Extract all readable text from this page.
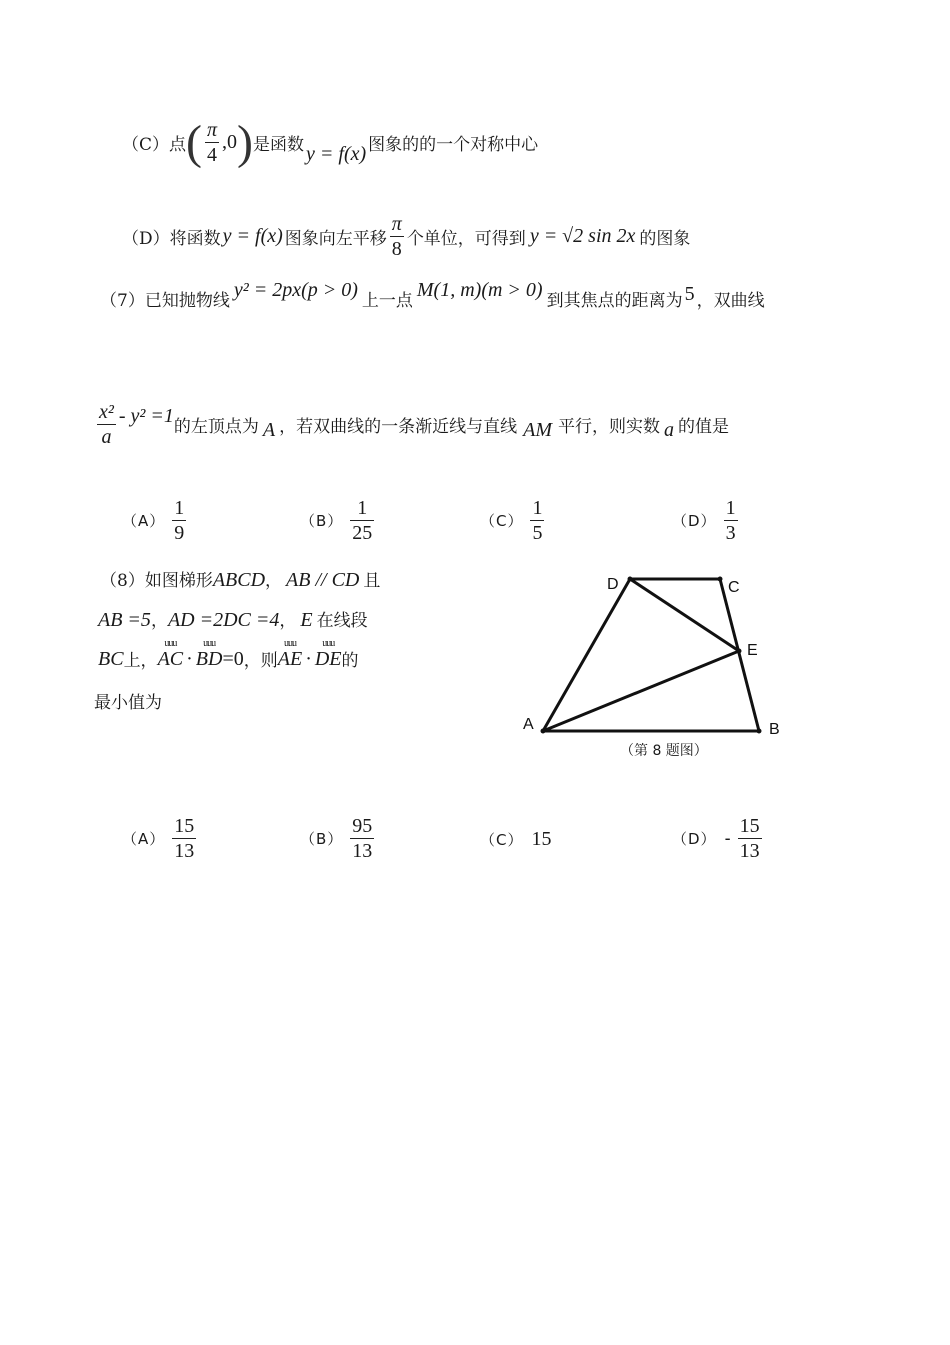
（C）点 ( $\frac{\pi}{4} ,0$ ) 是函数 y = f(x) 图象的的一个对称中心
（D）将函数 y = f(x) 图象向左平移 $\frac{\pi}{8}$ 个单位，可得到 y = √2 sin 2x 的图象
（7）已知抛物线 y² = 2px(p > 0) 上一点 M(1, m)(m > 0) 到其焦点的距离为 5 ，双曲线
$\frac{\text{x²}}{a} - y^2 =1$ 的左顶点为 A ，若双曲线的一条渐近线与直线 AM 平行，则实数 a 的值是
$(A) \frac{1}{9}$	$(B) \frac{1}{25}$	$(C) \frac{1}{5}$	$(D) \frac{1}{3}$
（8）如图梯形ABCD， AB // CD 且
AB =5，AD =2DC =4， E 在线段
BC 上，
uuu
AC ·
uuu
BD =0 ，则
uuu
AE ·
uuu
DE 的
最小值为
A	B
C
D
E
（第 8 题图）
$(A) \frac{15}{13}$	$(B) \frac{95}{13}$	（C） 15	$(D) - \frac{15}{13}$
